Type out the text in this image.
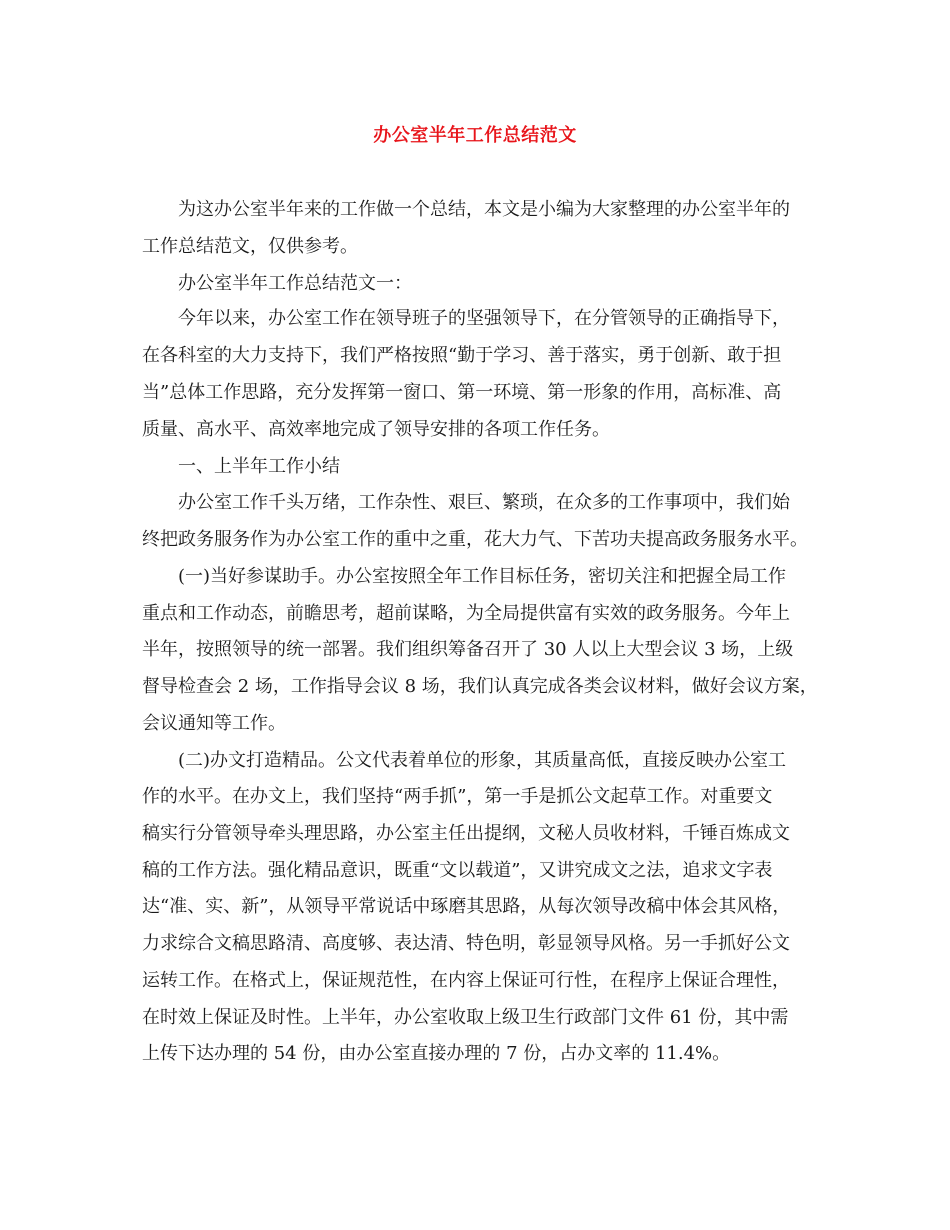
办公室半年工作总结范文
为这办公室半年来的工作做一个总结，本文是小编为大家整理的办公室半年的
工作总结范文，仅供参考。
办公室半年工作总结范文一：
今年以来，办公室工作在领导班子的坚强领导下，在分管领导的正确指导下，
在各科室的大力支持下，我们严格按照“勤于学习、善于落实，勇于创新、敢于担
当”总体工作思路，充分发挥第一窗口、第一环境、第一形象的作用，高标准、高
质量、高水平、高效率地完成了领导安排的各项工作任务。
一、上半年工作小结
办公室工作千头万绪，工作杂性、艰巨、繁琐，在众多的工作事项中，我们始
终把政务服务作为办公室工作的重中之重，花大力气、下苦功夫提高政务服务水平。
(一)当好参谋助手。办公室按照全年工作目标任务，密切关注和把握全局工作
重点和工作动态，前瞻思考，超前谋略，为全局提供富有实效的政务服务。今年上
半年，按照领导的统一部署。我们组织筹备召开了 30 人以上大型会议 3 场，上级
督导检查会 2 场，工作指导会议 8 场，我们认真完成各类会议材料，做好会议方案，
会议通知等工作。
(二)办文打造精品。公文代表着单位的形象，其质量高低，直接反映办公室工
作的水平。在办文上，我们坚持“两手抓”，第一手是抓公文起草工作。对重要文
稿实行分管领导牵头理思路，办公室主任出提纲，文秘人员收材料，千锤百炼成文
稿的工作方法。强化精品意识，既重“文以载道”，又讲究成文之法，追求文字表
达“准、实、新”，从领导平常说话中琢磨其思路，从每次领导改稿中体会其风格，
力求综合文稿思路清、高度够、表达清、特色明，彰显领导风格。另一手抓好公文
运转工作。在格式上，保证规范性，在内容上保证可行性，在程序上保证合理性，
在时效上保证及时性。上半年，办公室收取上级卫生行政部门文件 61 份，其中需
上传下达办理的 54 份，由办公室直接办理的 7 份，占办文率的 11.4%。
